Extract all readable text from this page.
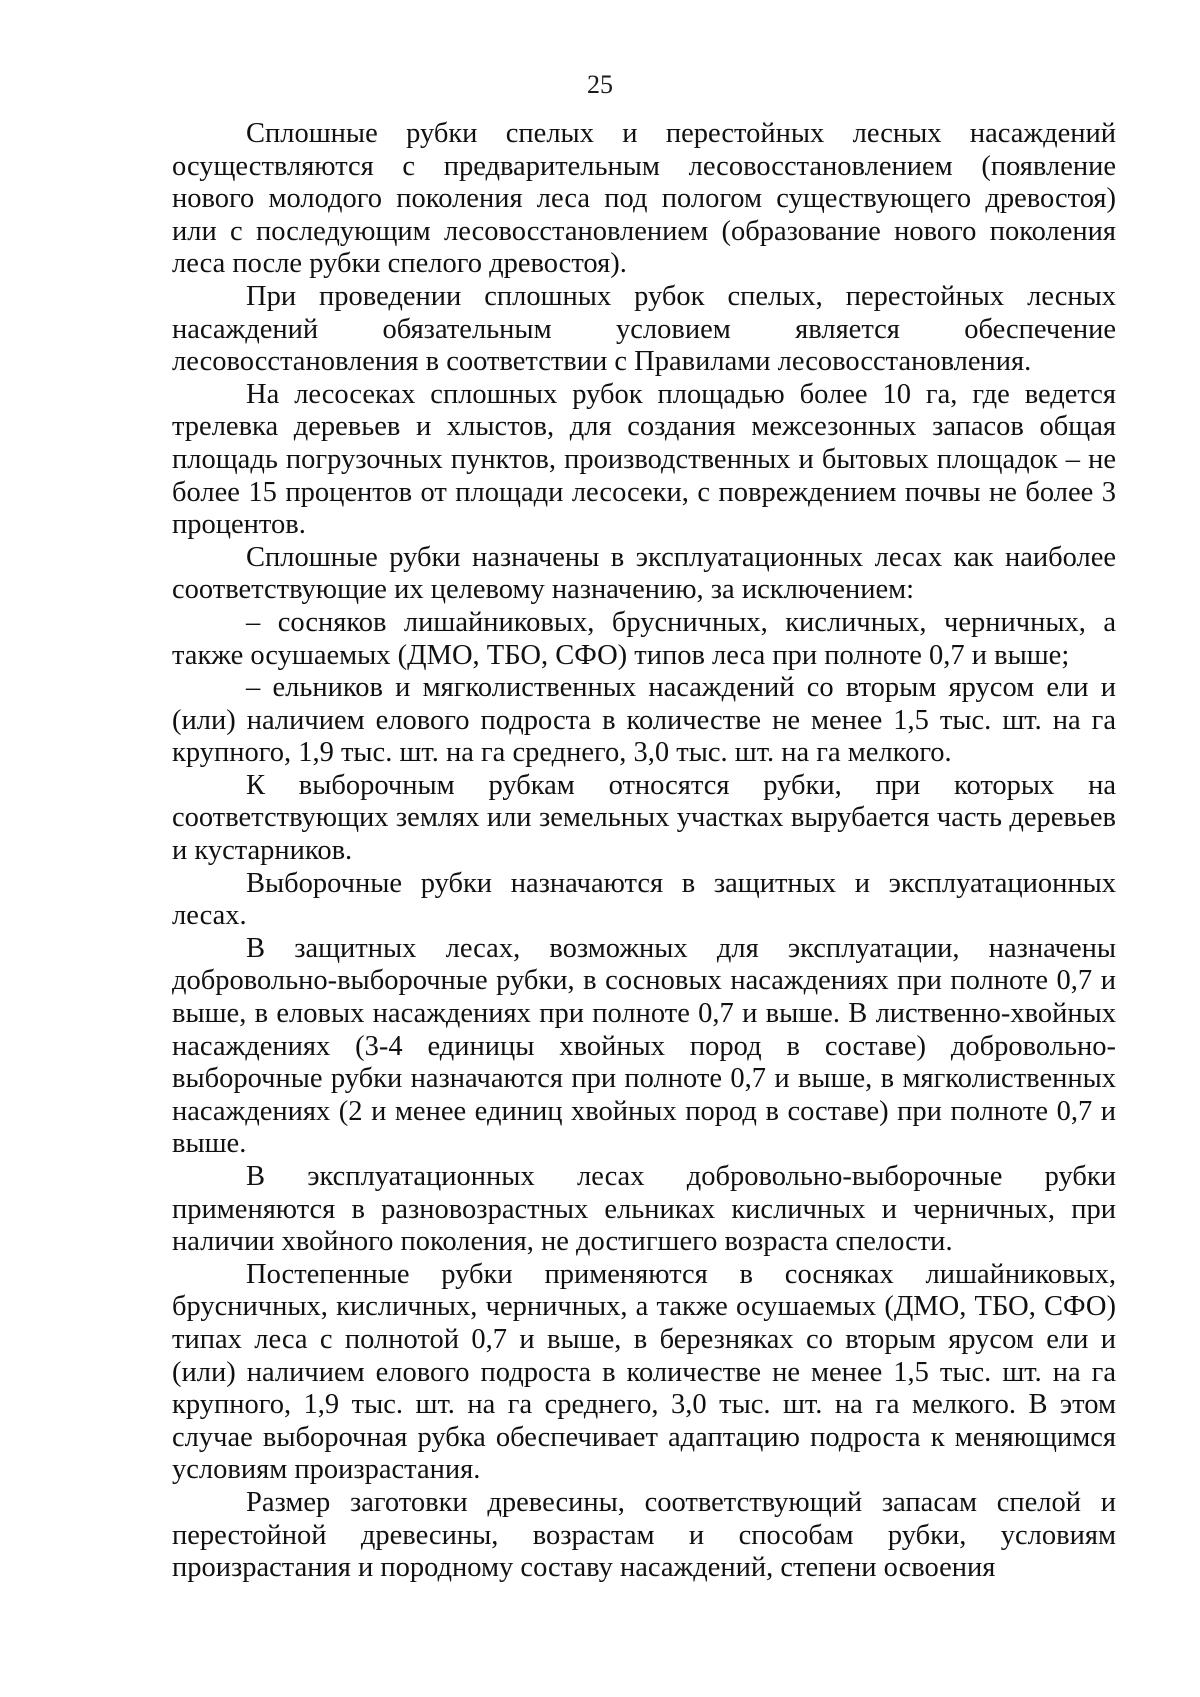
25

Сплошные рубки спелых и перестойных лесных насаждений осуществляются с предварительным лесовосстановлением (появление нового молодого поколения леса под пологом существующего древостоя) или с последующим лесовосстановлением (образование нового поколения леса после рубки спелого древостоя).

При проведении сплошных рубок спелых, перестойных лесных насаждений обязательным условием является обеспечение лесовосстановления в соответствии с Правилами лесовосстановления.

На лесосеках сплошных рубок площадью более 10 га, где ведется трелевка деревьев и хлыстов, для создания межсезонных запасов общая площадь погрузочных пунктов, производственных и бытовых площадок – не более 15 процентов от площади лесосеки, с повреждением почвы не более 3 процентов.

Сплошные рубки назначены в эксплуатационных лесах как наиболее соответствующие их целевому назначению, за исключением:

– сосняков лишайниковых, брусничных, кисличных, черничных, а также осушаемых (ДМО, ТБО, СФО) типов леса при полноте 0,7 и выше;

– ельников и мягколиственных насаждений со вторым ярусом ели и (или) наличием елового подроста в количестве не менее 1,5 тыс. шт. на га крупного, 1,9 тыс. шт. на га среднего, 3,0 тыс. шт. на га мелкого.

К выборочным рубкам относятся рубки, при которых на соответствующих землях или земельных участках вырубается часть деревьев и кустарников.

Выборочные рубки назначаются в защитных и эксплуатационных лесах.

В защитных лесах, возможных для эксплуатации, назначены добровольно-выборочные рубки, в сосновых насаждениях при полноте 0,7 и выше, в еловых насаждениях при полноте 0,7 и выше. В лиственно-хвойных насаждениях (3-4 единицы хвойных пород в составе) добровольно-выборочные рубки назначаются при полноте 0,7 и выше, в мягколиственных насаждениях (2 и менее единиц хвойных пород в составе) при полноте 0,7 и выше.

В эксплуатационных лесах добровольно-выборочные рубки применяются в разновозрастных ельниках кисличных и черничных, при наличии хвойного поколения, не достигшего возраста спелости.

Постепенные рубки применяются в сосняках лишайниковых, брусничных, кисличных, черничных, а также осушаемых (ДМО, ТБО, СФО) типах леса с полнотой 0,7 и выше, в березняках со вторым ярусом ели и (или) наличием елового подроста в количестве не менее 1,5 тыс. шт. на га крупного, 1,9 тыс. шт. на га среднего, 3,0 тыс. шт. на га мелкого. В этом случае выборочная рубка обеспечивает адаптацию подроста к меняющимся условиям произрастания.

Размер заготовки древесины, соответствующий запасам спелой и перестойной древесины, возрастам и способам рубки, условиям произрастания и породному составу насаждений, степени освоения
